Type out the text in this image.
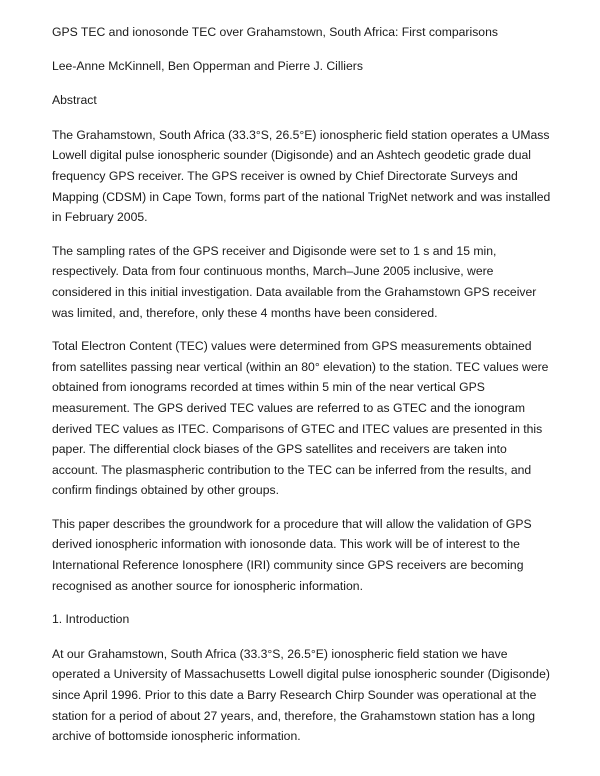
GPS TEC and ionosonde TEC over Grahamstown, South Africa: First comparisons

Lee-Anne McKinnell, Ben Opperman and Pierre J. Cilliers

Abstract

The Grahamstown, South Africa (33.3°S, 26.5°E) ionospheric field station operates a UMass Lowell digital pulse ionospheric sounder (Digisonde) and an Ashtech geodetic grade dual frequency GPS receiver. The GPS receiver is owned by Chief Directorate Surveys and Mapping (CDSM) in Cape Town, forms part of the national TrigNet network and was installed in February 2005.

The sampling rates of the GPS receiver and Digisonde were set to 1 s and 15 min, respectively. Data from four continuous months, March–June 2005 inclusive, were considered in this initial investigation. Data available from the Grahamstown GPS receiver was limited, and, therefore, only these 4 months have been considered.

Total Electron Content (TEC) values were determined from GPS measurements obtained from satellites passing near vertical (within an 80° elevation) to the station. TEC values were obtained from ionograms recorded at times within 5 min of the near vertical GPS measurement. The GPS derived TEC values are referred to as GTEC and the ionogram derived TEC values as ITEC. Comparisons of GTEC and ITEC values are presented in this paper. The differential clock biases of the GPS satellites and receivers are taken into account. The plasmaspheric contribution to the TEC can be inferred from the results, and confirm findings obtained by other groups.

This paper describes the groundwork for a procedure that will allow the validation of GPS derived ionospheric information with ionosonde data. This work will be of interest to the International Reference Ionosphere (IRI) community since GPS receivers are becoming recognised as another source for ionospheric information.

1. Introduction

At our Grahamstown, South Africa (33.3°S, 26.5°E) ionospheric field station we have operated a University of Massachusetts Lowell digital pulse ionospheric sounder (Digisonde) since April 1996. Prior to this date a Barry Research Chirp Sounder was operational at the station for a period of about 27 years, and, therefore, the Grahamstown station has a long archive of bottomside ionospheric information.
